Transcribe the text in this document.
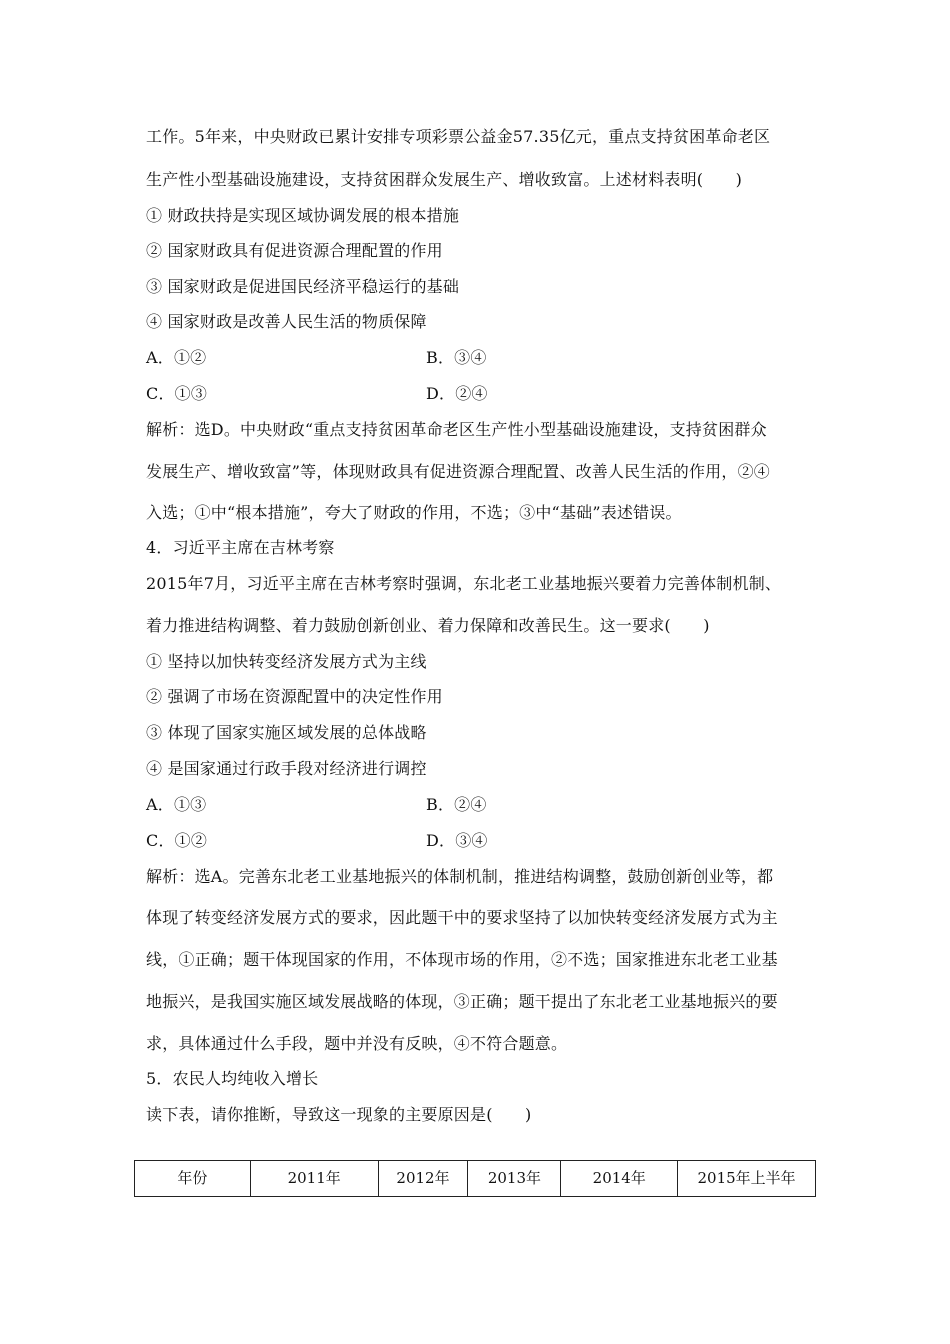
工作。5年来，中央财政已累计安排专项彩票公益金57.35亿元，重点支持贫困革命老区
生产性小型基础设施建设，支持贫困群众发展生产、增收致富。上述材料表明(　　)
① 财政扶持是实现区域协调发展的根本措施
② 国家财政具有促进资源合理配置的作用
③ 国家财政是促进国民经济平稳运行的基础
④ 国家财政是改善人民生活的物质保障
A．①②	B．③④
C．①③	D．②④
解析：选D。中央财政“重点支持贫困革命老区生产性小型基础设施建设，支持贫困群众
发展生产、增收致富”等，体现财政具有促进资源合理配置、改善人民生活的作用，②④
入选；①中“根本措施”，夸大了财政的作用，不选；③中“基础”表述错误。
4．习近平主席在吉林考察
2015年7月，习近平主席在吉林考察时强调，东北老工业基地振兴要着力完善体制机制、
着力推进结构调整、着力鼓励创新创业、着力保障和改善民生。这一要求(　　)
① 坚持以加快转变经济发展方式为主线
② 强调了市场在资源配置中的决定性作用
③ 体现了国家实施区域发展的总体战略
④ 是国家通过行政手段对经济进行调控
A．①③	B．②④
C．①②	D．③④
解析：选A。完善东北老工业基地振兴的体制机制，推进结构调整，鼓励创新创业等，都
体现了转变经济发展方式的要求，因此题干中的要求坚持了以加快转变经济发展方式为主
线，①正确；题干体现国家的作用，不体现市场的作用，②不选；国家推进东北老工业基
地振兴，是我国实施区域发展战略的体现，③正确；题干提出了东北老工业基地振兴的要
求，具体通过什么手段，题中并没有反映，④不符合题意。
5．农民人均纯收入增长
读下表，请你推断，导致这一现象的主要原因是(　　)
年份	2011年	2012年	2013年	2014年	2015年上半年
